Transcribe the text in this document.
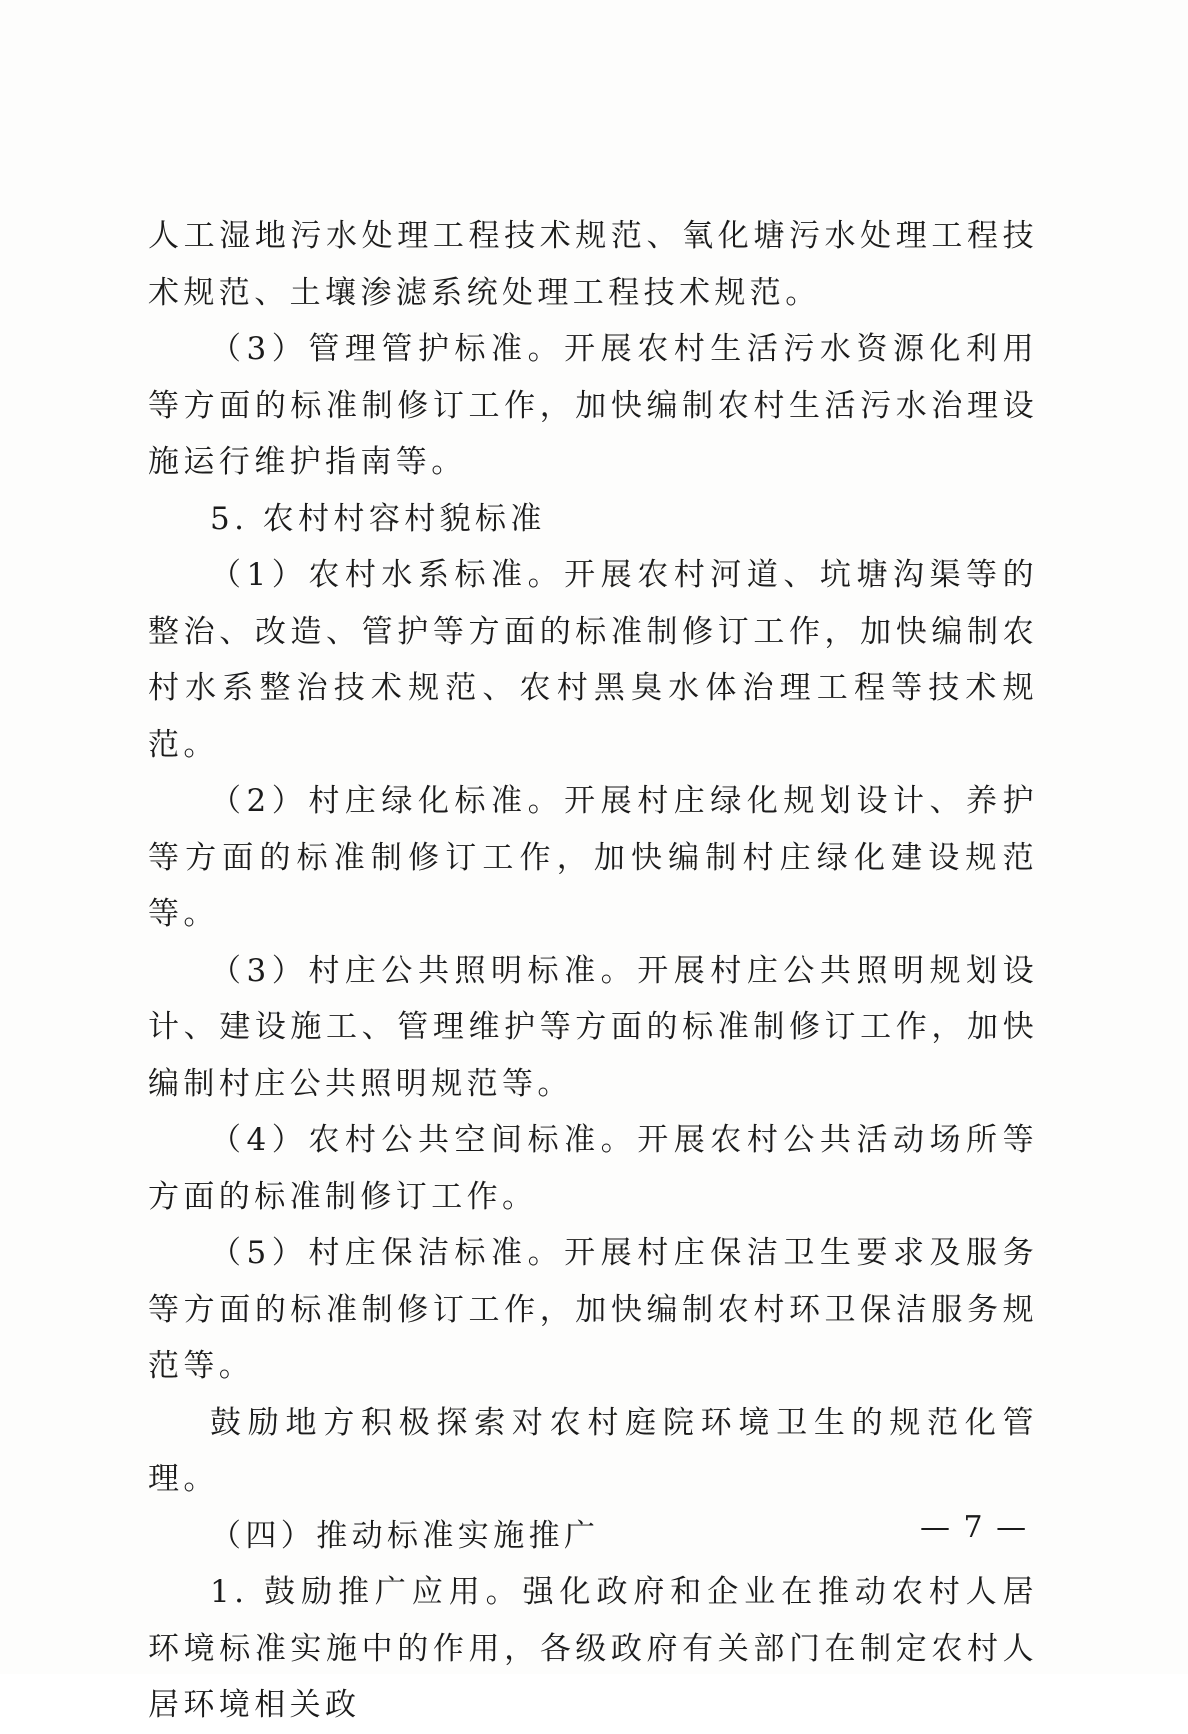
人工湿地污水处理工程技术规范、氧化塘污水处理工程技术规范、土壤渗滤系统处理工程技术规范。

（3）管理管护标准。开展农村生活污水资源化利用等方面的标准制修订工作，加快编制农村生活污水治理设施运行维护指南等。

5. 农村村容村貌标准

（1）农村水系标准。开展农村河道、坑塘沟渠等的整治、改造、管护等方面的标准制修订工作，加快编制农村水系整治技术规范、农村黑臭水体治理工程等技术规范。

（2）村庄绿化标准。开展村庄绿化规划设计、养护等方面的标准制修订工作，加快编制村庄绿化建设规范等。

（3）村庄公共照明标准。开展村庄公共照明规划设计、建设施工、管理维护等方面的标准制修订工作，加快编制村庄公共照明规范等。

（4）农村公共空间标准。开展农村公共活动场所等方面的标准制修订工作。

（5）村庄保洁标准。开展村庄保洁卫生要求及服务等方面的标准制修订工作，加快编制农村环卫保洁服务规范等。

鼓励地方积极探索对农村庭院环境卫生的规范化管理。

（四）推动标准实施推广

1. 鼓励推广应用。强化政府和企业在推动农村人居环境标准实施中的作用，各级政府有关部门在制定农村人居环境相关政

— 7 —
